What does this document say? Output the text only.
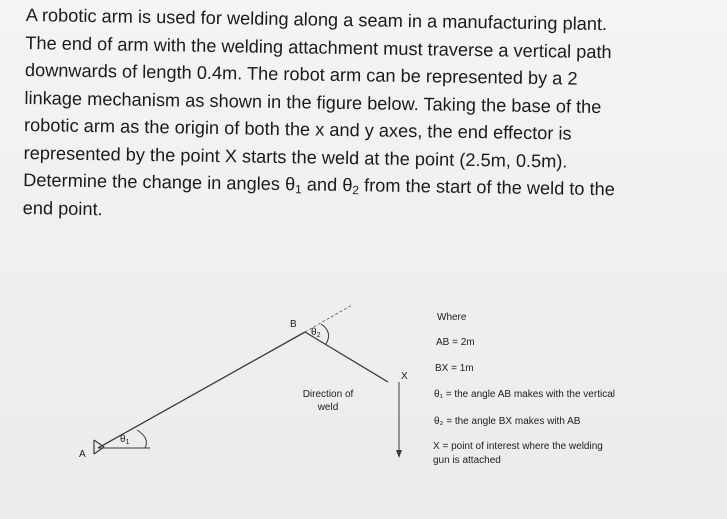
A robotic arm is used for welding along a seam in a manufacturing plant.
The end of arm with the welding attachment must traverse a vertical path
downwards of length 0.4m. The robot arm can be represented by a 2
linkage mechanism as shown in the figure below. Taking the base of the
robotic arm as the origin of both the x and y axes, the end effector is
represented by the point X starts the weld at the point (2.5m, 0.5m).
Determine the change in angles $\theta_1$ and $\theta_2$ from the start of the weld to the
end point.
A
B
X
$\theta_1$
$\theta_2$
Direction of
weld
Where
AB = 2m
BX = 1m
θ₁ = the angle AB makes with the vertical
θ₂ = the angle BX makes with AB
X = point of interest where the welding
gun is attached
